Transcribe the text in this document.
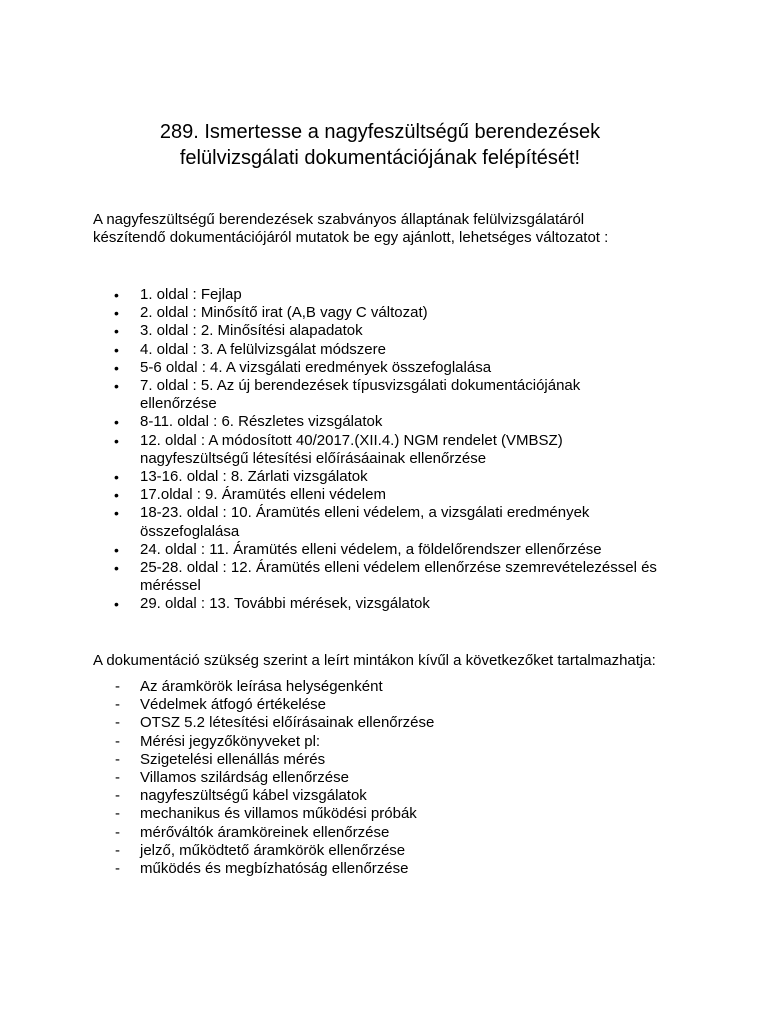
289. Ismertesse a nagyfeszültségű berendezések
felülvizsgálati dokumentációjának felépítését!
A nagyfeszültségű berendezések szabványos állaptának felülvizsgálatáról
készítendő dokumentációjáról mutatok be egy ajánlott, lehetséges változatot :
• 1. oldal : Fejlap
• 2. oldal : Minősítő irat (A,B vagy C változat)
• 3. oldal : 2. Minősítési alapadatok
• 4. oldal : 3. A felülvizsgálat módszere
• 5-6 oldal : 4. A vizsgálati eredmények összefoglalása
• 7. oldal : 5. Az új berendezések típusvizsgálati dokumentációjának
ellenőrzése
• 8-11. oldal : 6. Részletes vizsgálatok
• 12. oldal : A módosított 40/2017.(XII.4.) NGM rendelet (VMBSZ)
nagyfeszültségű létesítési előírásáainak ellenőrzése
• 13-16. oldal : 8. Zárlati vizsgálatok
• 17.oldal : 9. Áramütés elleni védelem
• 18-23. oldal : 10. Áramütés elleni védelem, a vizsgálati eredmények
összefoglalása
• 24. oldal : 11. Áramütés elleni védelem, a földelőrendszer ellenőrzése
• 25-28. oldal : 12. Áramütés elleni védelem ellenőrzése szemrevételezéssel és
méréssel
• 29. oldal : 13. További mérések, vizsgálatok
A dokumentáció szükség szerint a leírt mintákon kívűl a következőket tartalmazhatja:
- Az áramkörök leírása helységenként
- Védelmek átfogó értékelése
- OTSZ 5.2 létesítési előírásainak ellenőrzése
- Mérési jegyzőkönyveket pl:
- Szigetelési ellenállás mérés
- Villamos szilárdság ellenőrzése
- nagyfeszültségű kábel vizsgálatok
- mechanikus és villamos működési próbák
- mérőváltók áramköreinek ellenőrzése
- jelző, működtető áramkörök ellenőrzése
- működés és megbízhatóság ellenőrzése
